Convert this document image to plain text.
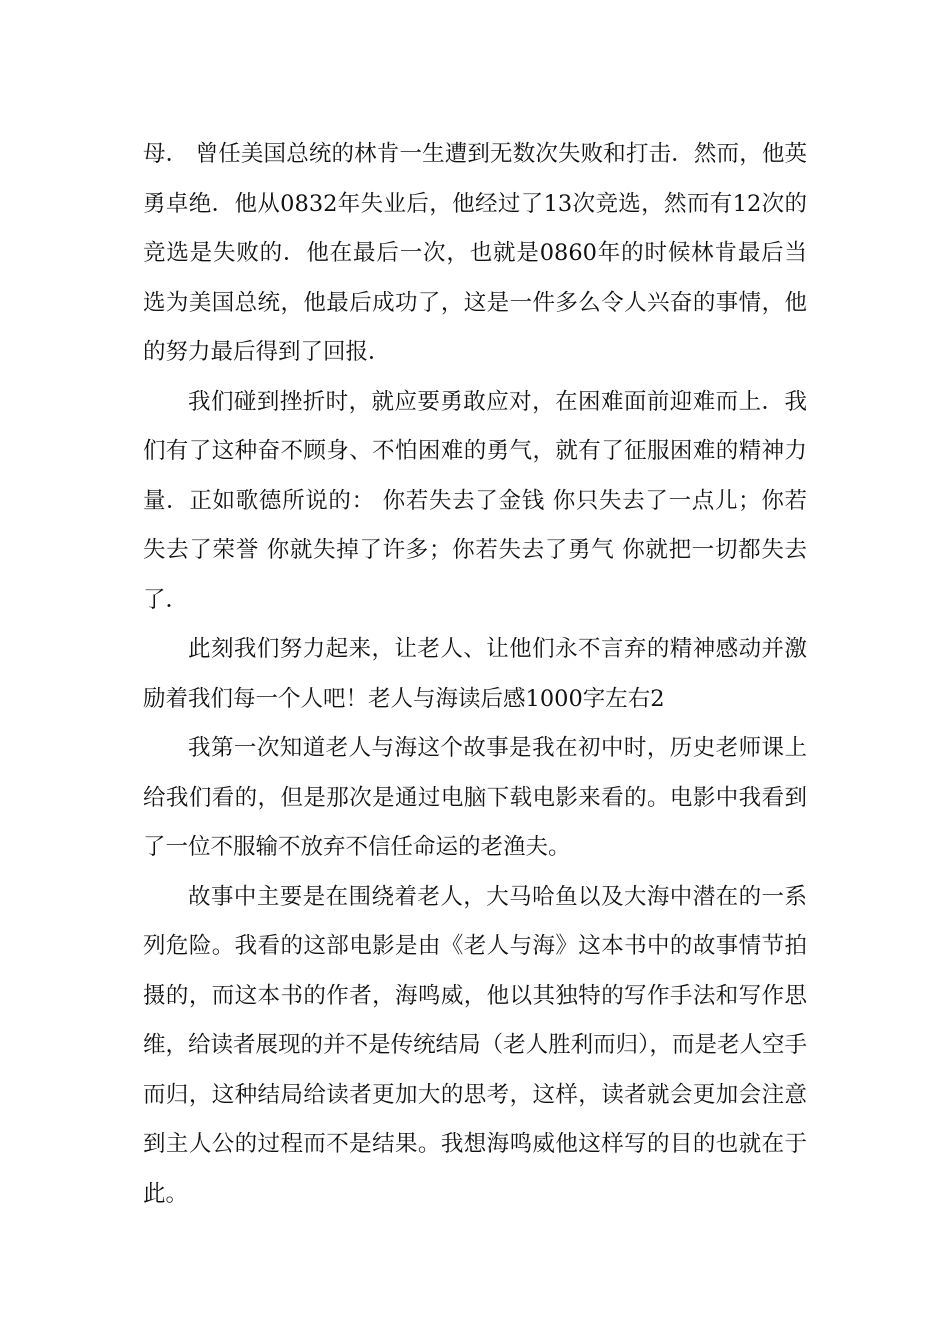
母． 曾任美国总统的林肯一生遭到无数次失败和打击．然而，他英勇卓绝．他从0832年失业后，他经过了13次竞选，然而有12次的竞选是失败的．他在最后一次，也就是0860年的时候林肯最后当选为美国总统，他最后成功了，这是一件多么令人兴奋的事情，他的努力最后得到了回报．

我们碰到挫折时，就应要勇敢应对，在困难面前迎难而上．我们有了这种奋不顾身、不怕困难的勇气，就有了征服困难的精神力量．正如歌德所说的： 你若失去了金钱 你只失去了一点儿；你若失去了荣誉 你就失掉了许多；你若失去了勇气 你就把一切都失去了．

此刻我们努力起来，让老人、让他们永不言弃的精神感动并激励着我们每一个人吧！老人与海读后感1000字左右2

我第一次知道老人与海这个故事是我在初中时，历史老师课上给我们看的，但是那次是通过电脑下载电影来看的。电影中我看到了一位不服输不放弃不信任命运的老渔夫。

故事中主要是在围绕着老人，大马哈鱼以及大海中潜在的一系列危险。我看的这部电影是由《老人与海》这本书中的故事情节拍摄的，而这本书的作者，海鸣威，他以其独特的写作手法和写作思维，给读者展现的并不是传统结局（老人胜利而归），而是老人空手而归，这种结局给读者更加大的思考，这样，读者就会更加会注意到主人公的过程而不是结果。我想海鸣威他这样写的目的也就在于此。
